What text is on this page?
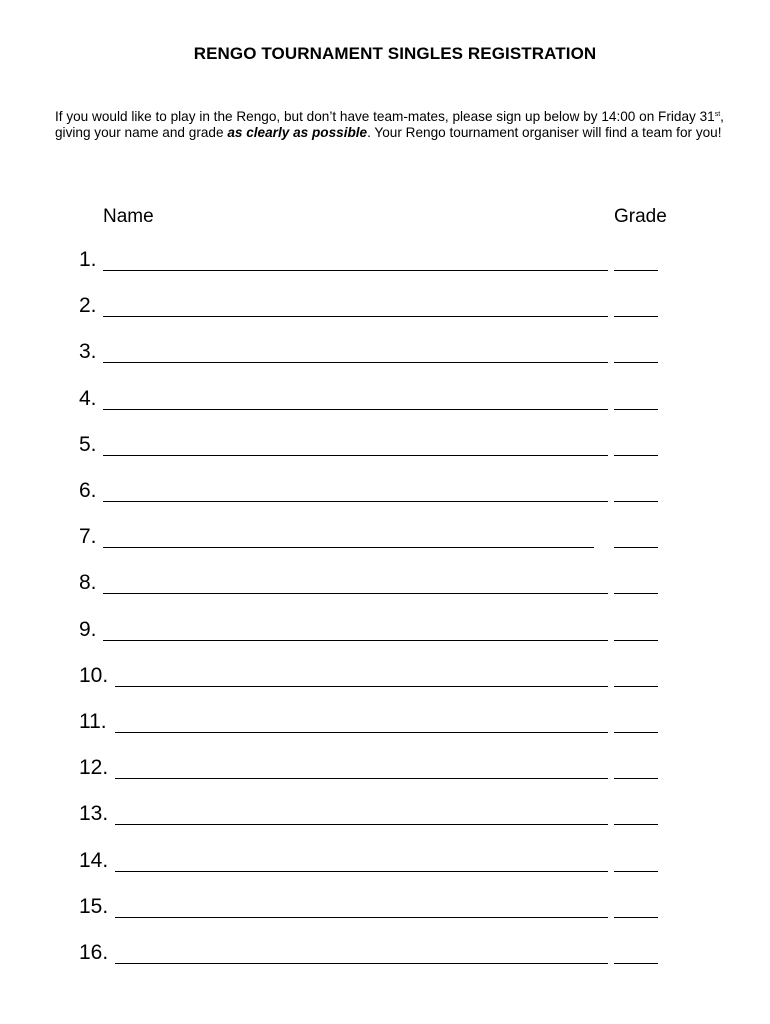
RENGO TOURNAMENT SINGLES REGISTRATION
If you would like to play in the Rengo, but don’t have team-mates, please sign up below by 14:00 on Friday 31st, giving your name and grade as clearly as possible. Your Rengo tournament organiser will find a team for you!
Name	Grade
1.
2.
3.
4.
5.
6.
7.
8.
9.
10.
11.
12.
13.
14.
15.
16.
